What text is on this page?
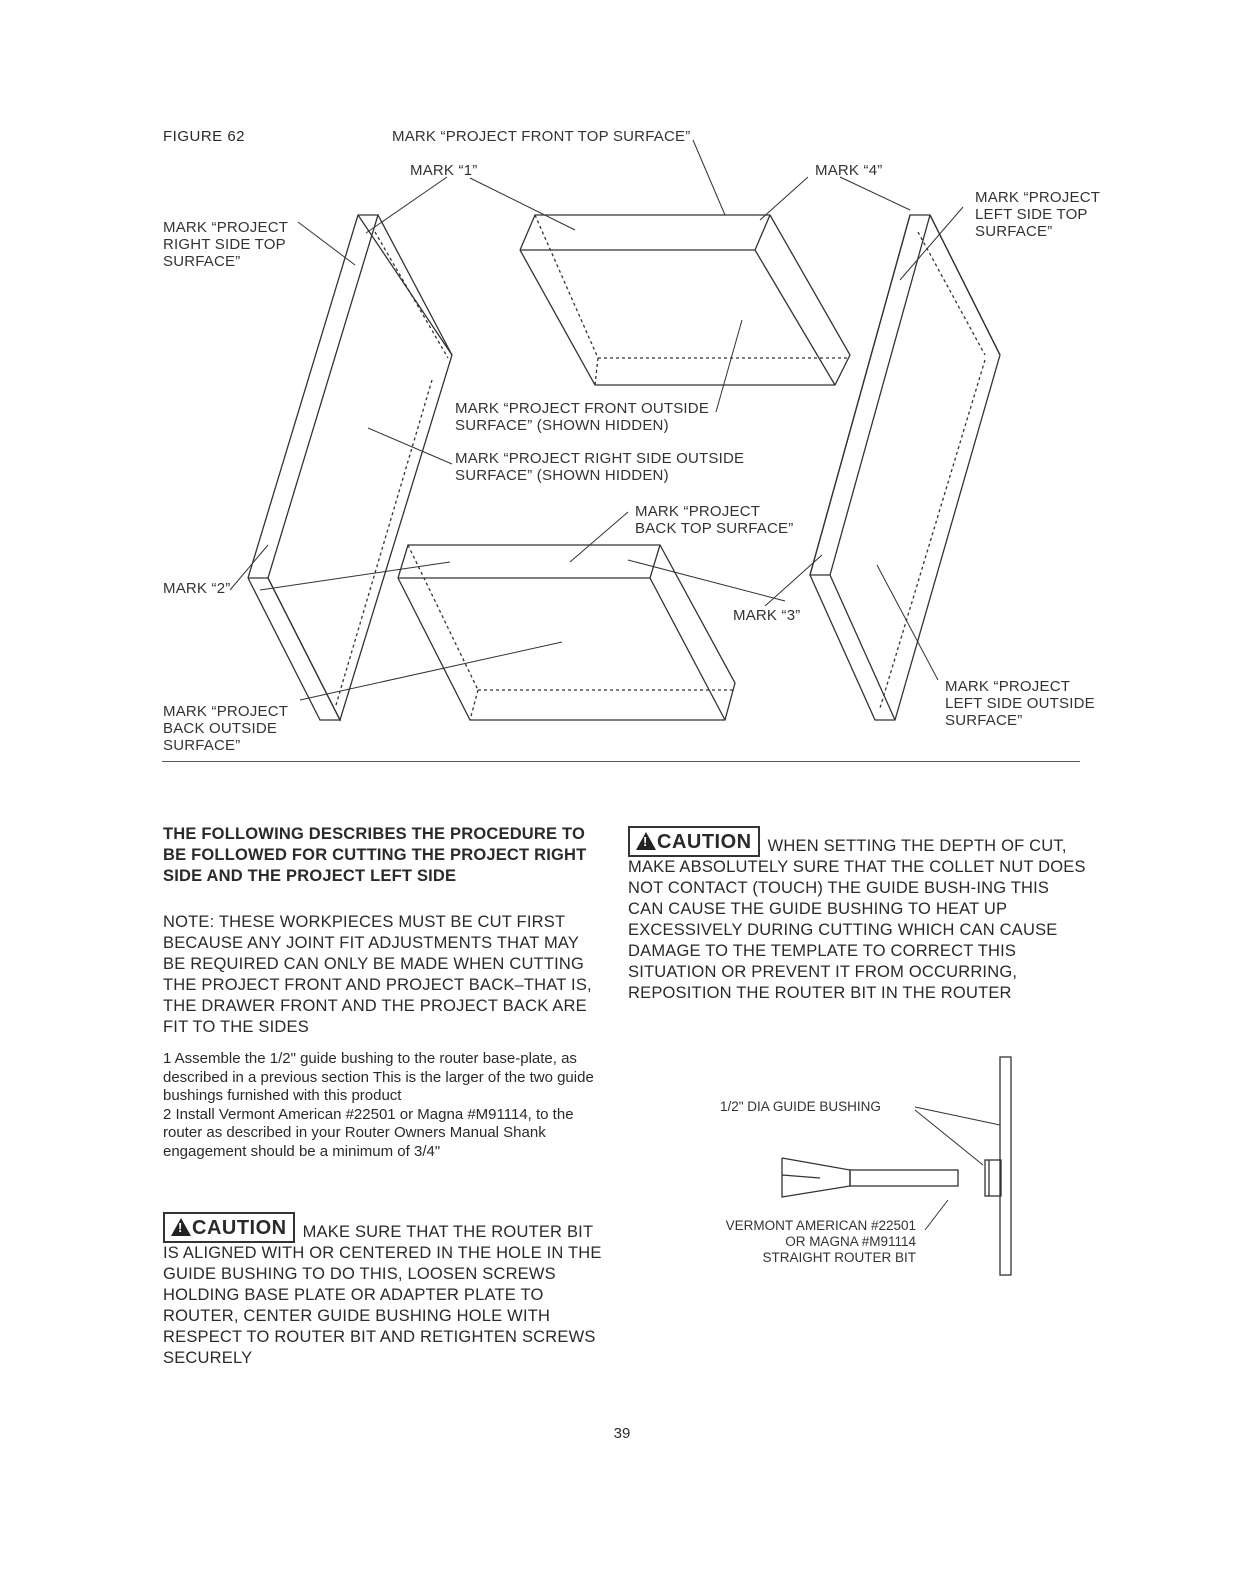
FIGURE 62	MARK “PROJECT FRONT TOP SURFACE”
MARK “1”	MARK “4”
MARK “PROJECT
RIGHT SIDE TOP
SURFACE”
MARK “PROJECT
LEFT SIDE TOP
SURFACE”
MARK “PROJECT FRONT OUTSIDE
SURFACE” (SHOWN HIDDEN)
MARK “PROJECT RIGHT SIDE OUTSIDE
SURFACE” (SHOWN HIDDEN)
MARK “PROJECT
BACK TOP SURFACE”
MARK “2”
MARK “3”
MARK “PROJECT
BACK OUTSIDE
SURFACE”
MARK “PROJECT
LEFT SIDE OUTSIDE
SURFACE”
THE FOLLOWING DESCRIBES THE PROCEDURE TO BE FOLLOWED FOR CUTTING THE PROJECT RIGHT SIDE AND THE PROJECT LEFT SIDE
NOTE: THESE WORKPIECES MUST BE CUT FIRST BECAUSE ANY JOINT FIT ADJUSTMENTS THAT MAY BE REQUIRED CAN ONLY BE MADE WHEN CUTTING THE PROJECT FRONT AND PROJECT BACK–THAT IS, THE DRAWER FRONT AND THE PROJECT BACK ARE FIT TO THE SIDES

1 Assemble the 1/2" guide bushing to the router base-plate, as described in a previous section This is the larger of the two guide bushings furnished with this product

2 Install Vermont American #22501 or Magna #M91114, to the router as described in your Router Owners Manual Shank engagement should be a minimum of 3/4"

!CAUTION MAKE SURE THAT THE ROUTER BIT IS ALIGNED WITH OR CENTERED IN THE HOLE IN THE GUIDE BUSHING TO DO THIS, LOOSEN SCREWS HOLDING BASE PLATE OR ADAPTER PLATE TO ROUTER, CENTER GUIDE BUSHING HOLE WITH RESPECT TO ROUTER BIT AND RETIGHTEN SCREWS SECURELY
!CAUTION WHEN SETTING THE DEPTH OF CUT, MAKE ABSOLUTELY SURE THAT THE COLLET NUT DOES NOT CONTACT (TOUCH) THE GUIDE BUSH-ING THIS CAN CAUSE THE GUIDE BUSHING TO HEAT UP EXCESSIVELY DURING CUTTING WHICH CAN CAUSE DAMAGE TO THE TEMPLATE TO CORRECT THIS SITUATION OR PREVENT IT FROM OCCURRING, REPOSITION THE ROUTER BIT IN THE ROUTER
1/2" DIA GUIDE BUSHING
VERMONT AMERICAN #22501
OR MAGNA #M91114
STRAIGHT ROUTER BIT
39
